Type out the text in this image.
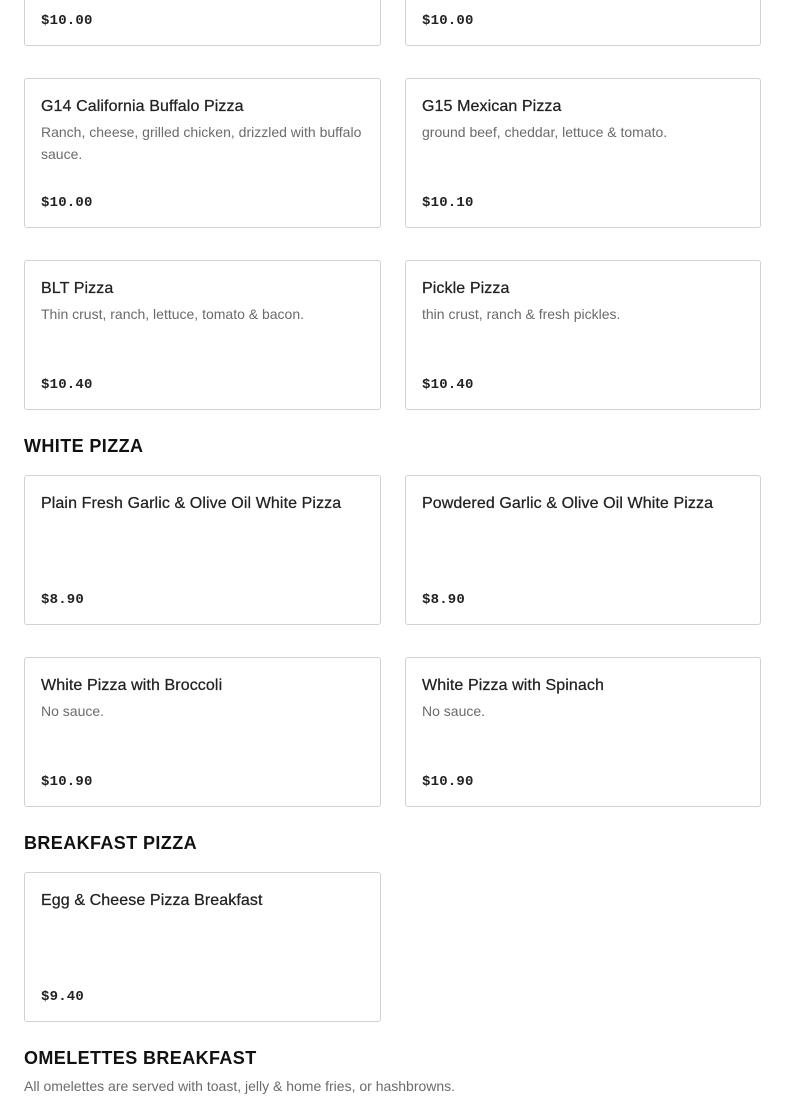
$10.00	$10.00
G14 California Buffalo Pizza
Ranch, cheese, grilled chicken, drizzled with buffalo sauce.
$10.00
G15 Mexican Pizza
ground beef, cheddar, lettuce & tomato.
$10.10
BLT Pizza
Thin crust, ranch, lettuce, tomato & bacon.
$10.40
Pickle Pizza
thin crust, ranch & fresh pickles.
$10.40
WHITE PIZZA
Plain Fresh Garlic & Olive Oil White Pizza
$8.90
Powdered Garlic & Olive Oil White Pizza
$8.90
White Pizza with Broccoli
No sauce.
$10.90
White Pizza with Spinach
No sauce.
$10.90
BREAKFAST PIZZA
Egg & Cheese Pizza Breakfast
$9.40
OMELETTES BREAKFAST

All omelettes are served with toast, jelly & home fries, or hashbrowns.
